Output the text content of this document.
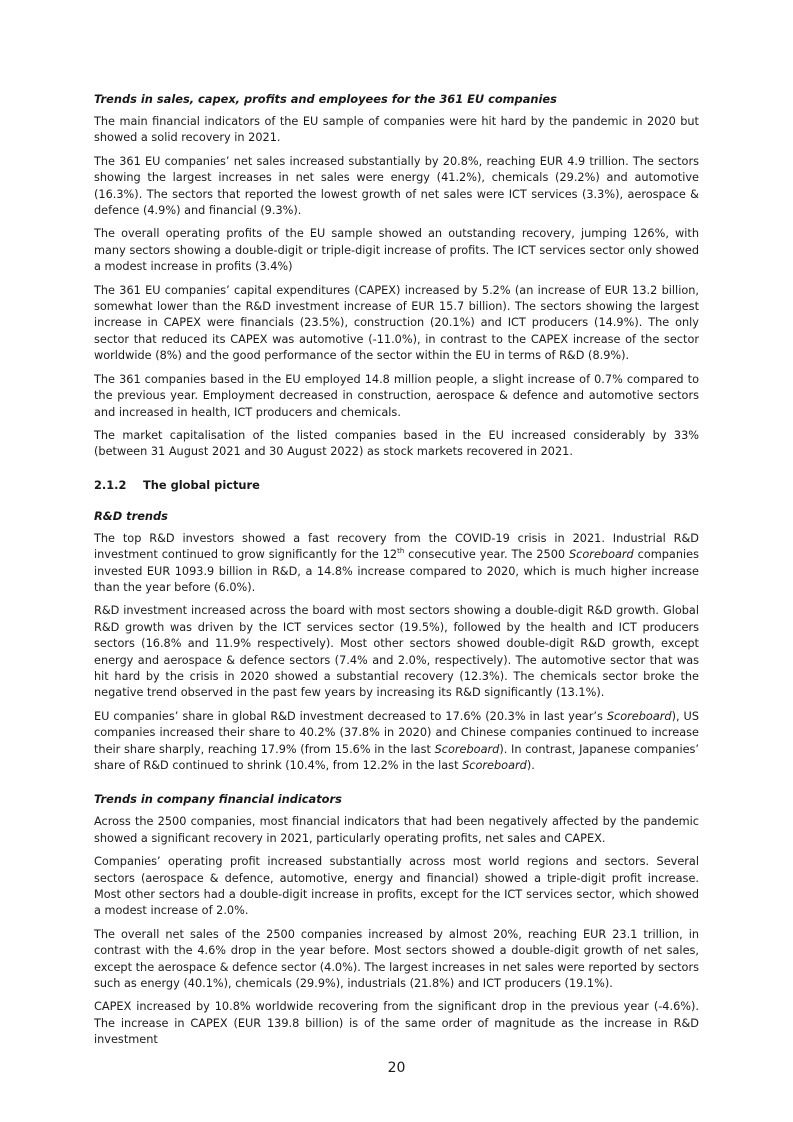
Trends in sales, capex, profits and employees for the 361 EU companies

The main financial indicators of the EU sample of companies were hit hard by the pandemic in 2020 but showed a solid recovery in 2021.

The 361 EU companies’ net sales increased substantially by 20.8%, reaching EUR 4.9 trillion. The sectors showing the largest increases in net sales were energy (41.2%), chemicals (29.2%) and automotive (16.3%). The sectors that reported the lowest growth of net sales were ICT services (3.3%), aerospace & defence (4.9%) and financial (9.3%).

The overall operating profits of the EU sample showed an outstanding recovery, jumping 126%, with many sectors showing a double-digit or triple-digit increase of profits. The ICT services sector only showed a modest increase in profits (3.4%)

The 361 EU companies’ capital expenditures (CAPEX) increased by 5.2% (an increase of EUR 13.2 billion, somewhat lower than the R&D investment increase of EUR 15.7 billion). The sectors showing the largest increase in CAPEX were financials (23.5%), construction (20.1%) and ICT producers (14.9%). The only sector that reduced its CAPEX was automotive (-11.0%), in contrast to the CAPEX increase of the sector worldwide (8%) and the good performance of the sector within the EU in terms of R&D (8.9%).

The 361 companies based in the EU employed 14.8 million people, a slight increase of 0.7% compared to the previous year. Employment decreased in construction, aerospace & defence and automotive sectors and increased in health, ICT producers and chemicals.

The market capitalisation of the listed companies based in the EU increased considerably by 33% (between 31 August 2021 and 30 August 2022) as stock markets recovered in 2021.

2.1.2 The global picture
R&D trends

The top R&D investors showed a fast recovery from the COVID-19 crisis in 2021. Industrial R&D investment continued to grow significantly for the 12th consecutive year. The 2500 Scoreboard companies invested EUR 1093.9 billion in R&D, a 14.8% increase compared to 2020, which is much higher increase than the year before (6.0%).

R&D investment increased across the board with most sectors showing a double-digit R&D growth. Global R&D growth was driven by the ICT services sector (19.5%), followed by the health and ICT producers sectors (16.8% and 11.9% respectively). Most other sectors showed double-digit R&D growth, except energy and aerospace & defence sectors (7.4% and 2.0%, respectively). The automotive sector that was hit hard by the crisis in 2020 showed a substantial recovery (12.3%). The chemicals sector broke the negative trend observed in the past few years by increasing its R&D significantly (13.1%).

EU companies’ share in global R&D investment decreased to 17.6% (20.3% in last year’s Scoreboard), US companies increased their share to 40.2% (37.8% in 2020) and Chinese companies continued to increase their share sharply, reaching 17.9% (from 15.6% in the last Scoreboard). In contrast, Japanese companies’ share of R&D continued to shrink (10.4%, from 12.2% in the last Scoreboard).

Trends in company financial indicators

Across the 2500 companies, most financial indicators that had been negatively affected by the pandemic showed a significant recovery in 2021, particularly operating profits, net sales and CAPEX.

Companies’ operating profit increased substantially across most world regions and sectors. Several sectors (aerospace & defence, automotive, energy and financial) showed a triple-digit profit increase. Most other sectors had a double-digit increase in profits, except for the ICT services sector, which showed a modest increase of 2.0%.

The overall net sales of the 2500 companies increased by almost 20%, reaching EUR 23.1 trillion, in contrast with the 4.6% drop in the year before. Most sectors showed a double-digit growth of net sales, except the aerospace & defence sector (4.0%). The largest increases in net sales were reported by sectors such as energy (40.1%), chemicals (29.9%), industrials (21.8%) and ICT producers (19.1%).

CAPEX increased by 10.8% worldwide recovering from the significant drop in the previous year (-4.6%). The increase in CAPEX (EUR 139.8 billion) is of the same order of magnitude as the increase in R&D investment

20
